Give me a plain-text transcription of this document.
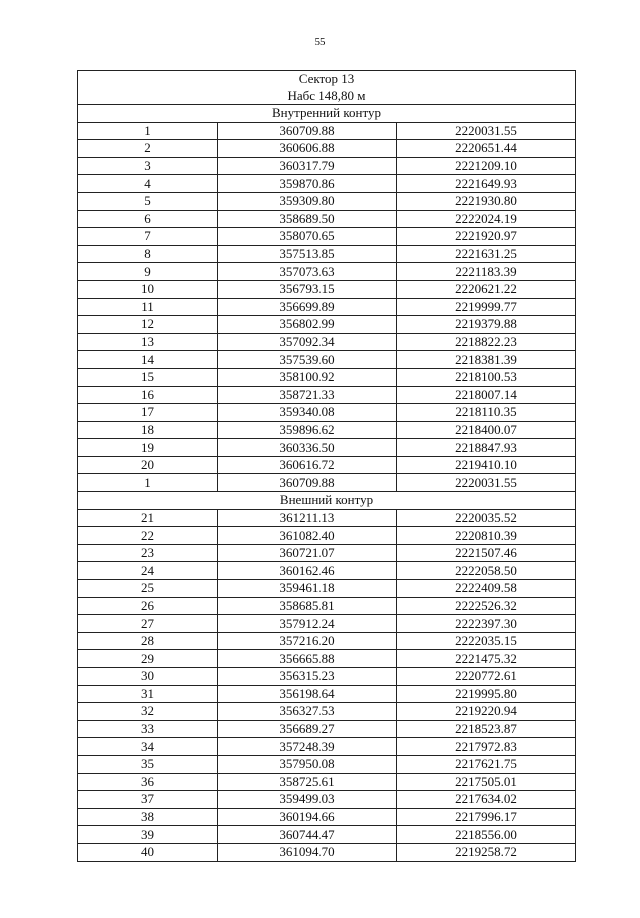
55
Сектор 13
Набс 148,80 м		

Внутренний контур		
1	360709.88	2220031.55
2	360606.88	2220651.44
3	360317.79	2221209.10
4	359870.86	2221649.93
5	359309.80	2221930.80
6	358689.50	2222024.19
7	358070.65	2221920.97
8	357513.85	2221631.25
9	357073.63	2221183.39
10	356793.15	2220621.22
11	356699.89	2219999.77
12	356802.99	2219379.88
13	357092.34	2218822.23
14	357539.60	2218381.39
15	358100.92	2218100.53
16	358721.33	2218007.14
17	359340.08	2218110.35
18	359896.62	2218400.07
19	360336.50	2218847.93
20	360616.72	2219410.10
1	360709.88	2220031.55
Внешний контур		
21	361211.13	2220035.52
22	361082.40	2220810.39
23	360721.07	2221507.46
24	360162.46	2222058.50
25	359461.18	2222409.58
26	358685.81	2222526.32
27	357912.24	2222397.30
28	357216.20	2222035.15
29	356665.88	2221475.32
30	356315.23	2220772.61
31	356198.64	2219995.80
32	356327.53	2219220.94
33	356689.27	2218523.87
34	357248.39	2217972.83
35	357950.08	2217621.75
36	358725.61	2217505.01
37	359499.03	2217634.02
38	360194.66	2217996.17
39	360744.47	2218556.00
40	361094.70	2219258.72
